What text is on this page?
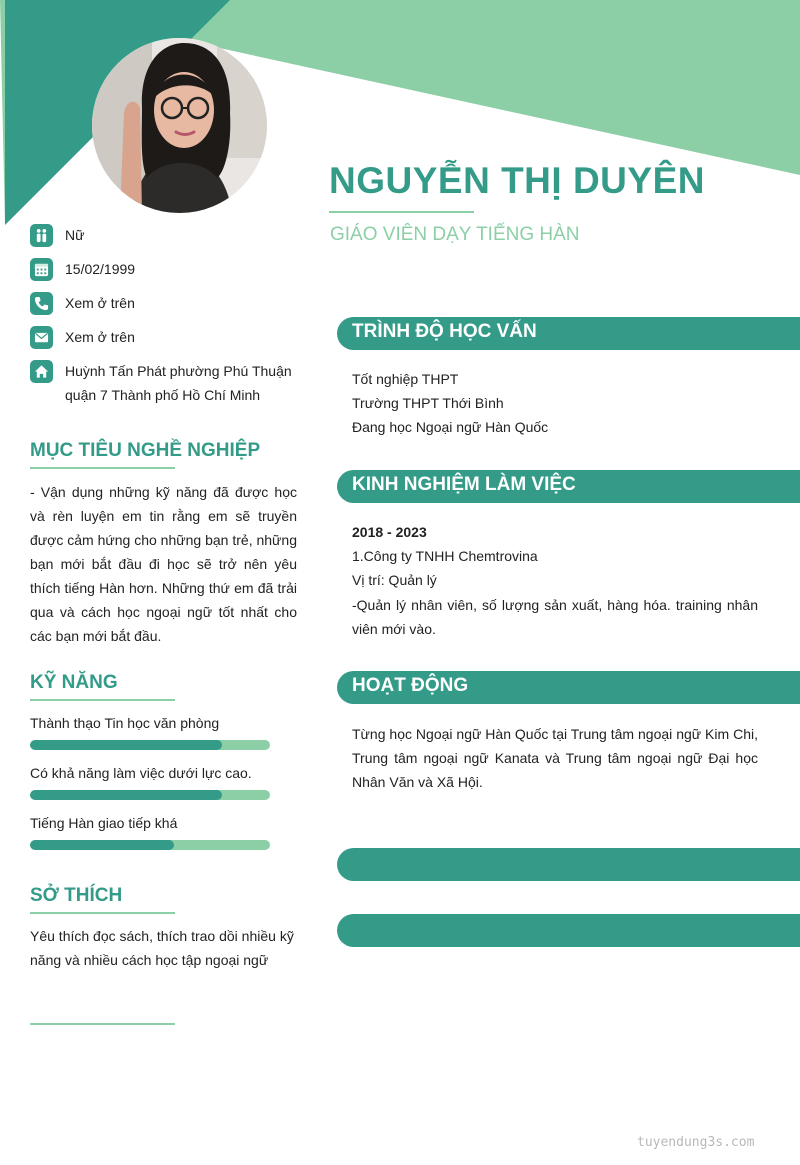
NGUYỄN THỊ DUYÊN
GIÁO VIÊN DẠY TIẾNG HÀN
Nữ
15/02/1999
Xem ở trên
Xem ở trên
Huỳnh Tấn Phát phường Phú Thuận quận 7 Thành phố Hồ Chí Minh
MỤC TIÊU NGHỀ NGHIỆP
- Vận dụng những kỹ năng đã được học và rèn luyện em tin rằng em sẽ truyền được cảm hứng cho những bạn trẻ, những bạn mới bắt đầu đi học sẽ trở nên yêu thích tiếng Hàn hơn. Những thứ em đã trải qua và cách học ngoại ngữ tốt nhất cho các bạn mới bắt đầu.
KỸ NĂNG
Thành thạo Tin học văn phòng
Có khả năng làm việc dưới lực cao.
Tiếng Hàn giao tiếp khá
SỞ THÍCH
Yêu thích đọc sách, thích trao dồi nhiều kỹ năng và nhiều cách học tập ngoại ngữ
TRÌNH ĐỘ HỌC VẤN
Tốt nghiệp THPT
Trường THPT Thới Bình
Đang học Ngoại ngữ Hàn Quốc
KINH NGHIỆM LÀM VIỆC
2018 - 2023
1.Công ty TNHH Chemtrovina
Vị trí: Quản lý
-Quản lý nhân viên, số lượng sản xuất, hàng hóa. training nhân viên mới vào.
HOẠT ĐỘNG
Từng học Ngoại ngữ Hàn Quốc tại Trung tâm ngoại ngữ Kim Chi, Trung tâm ngoại ngữ Kanata và Trung tâm ngoại ngữ Đại học Nhân Văn và Xã Hội.
tuyendung3s.com
